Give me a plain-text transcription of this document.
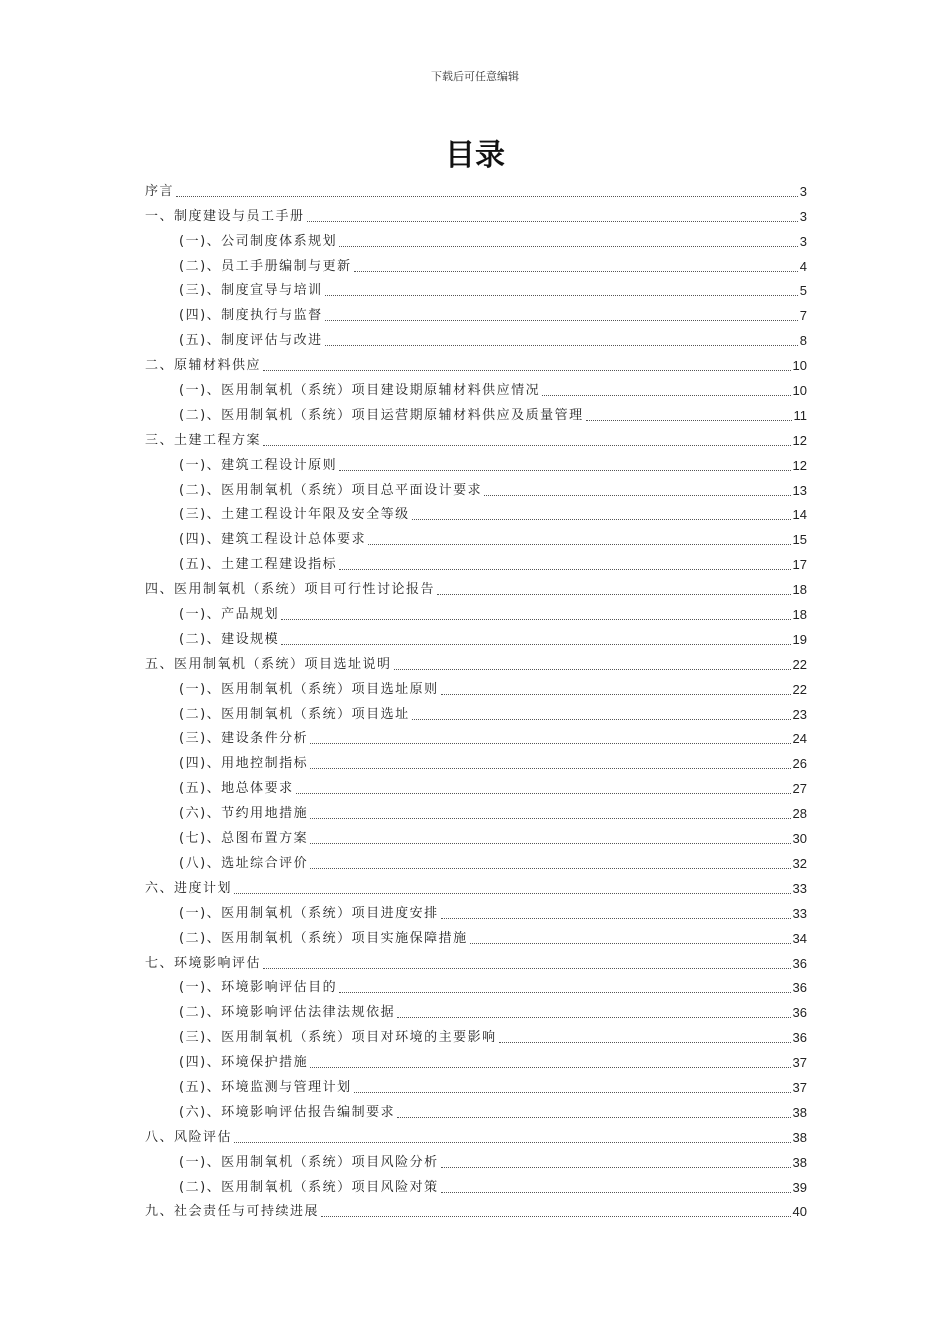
下载后可任意编辑
目录
序言	3
一、制度建设与员工手册	3
(一)、公司制度体系规划	3
(二)、员工手册编制与更新	4
(三)、制度宣导与培训	5
(四)、制度执行与监督	7
(五)、制度评估与改进	8
二、原辅材料供应	10
(一)、医用制氧机（系统）项目建设期原辅材料供应情况	10
(二)、医用制氧机（系统）项目运营期原辅材料供应及质量管理	11
三、土建工程方案	12
(一)、建筑工程设计原则	12
(二)、医用制氧机（系统）项目总平面设计要求	13
(三)、土建工程设计年限及安全等级	14
(四)、建筑工程设计总体要求	15
(五)、土建工程建设指标	17
四、医用制氧机（系统）项目可行性讨论报告	18
(一)、产品规划	18
(二)、建设规模	19
五、医用制氧机（系统）项目选址说明	22
(一)、医用制氧机（系统）项目选址原则	22
(二)、医用制氧机（系统）项目选址	23
(三)、建设条件分析	24
(四)、用地控制指标	26
(五)、地总体要求	27
(六)、节约用地措施	28
(七)、总图布置方案	30
(八)、选址综合评价	32
六、进度计划	33
(一)、医用制氧机（系统）项目进度安排	33
(二)、医用制氧机（系统）项目实施保障措施	34
七、环境影响评估	36
(一)、环境影响评估目的	36
(二)、环境影响评估法律法规依据	36
(三)、医用制氧机（系统）项目对环境的主要影响	36
(四)、环境保护措施	37
(五)、环境监测与管理计划	37
(六)、环境影响评估报告编制要求	38
八、风险评估	38
(一)、医用制氧机（系统）项目风险分析	38
(二)、医用制氧机（系统）项目风险对策	39
九、社会责任与可持续进展	40
